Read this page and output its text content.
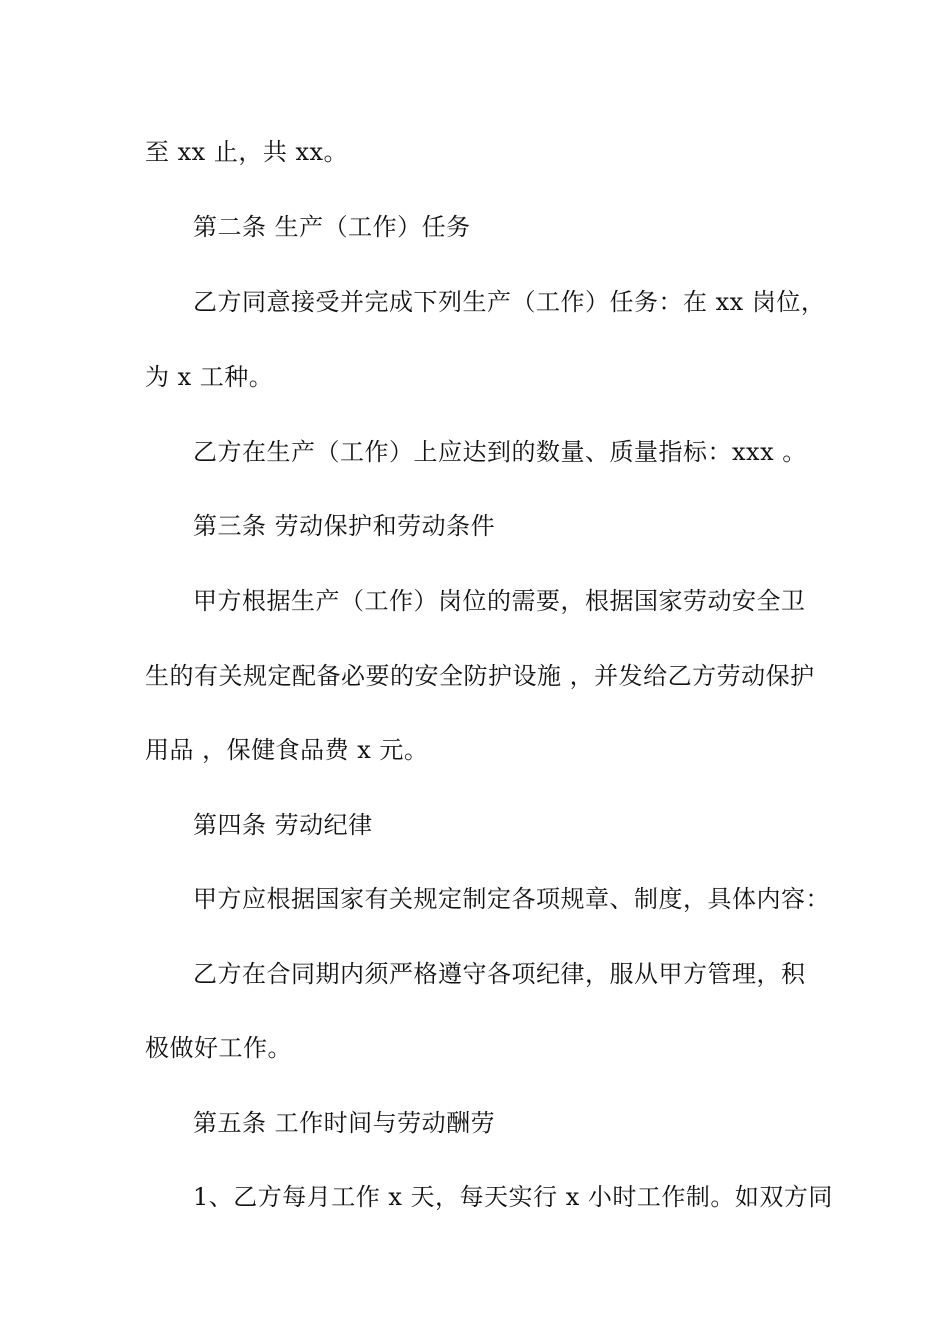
至 xx 止，共 xx。
第二条 生产（工作）任务
乙方同意接受并完成下列生产（工作）任务：在 xx 岗位，
为 x 工种。
乙方在生产（工作）上应达到的数量、质量指标：xxx 。
第三条 劳动保护和劳动条件
甲方根据生产（工作）岗位的需要，根据国家劳动安全卫
生的有关规定配备必要的安全防护设施 ，并发给乙方劳动保护
用品 ，保健食品费 x 元。
第四条 劳动纪律
甲方应根据国家有关规定制定各项规章、制度，具体内容：
乙方在合同期内须严格遵守各项纪律，服从甲方管理，积
极做好工作。
第五条 工作时间与劳动酬劳
1、乙方每月工作 x 天，每天实行 x 小时工作制。如双方同
